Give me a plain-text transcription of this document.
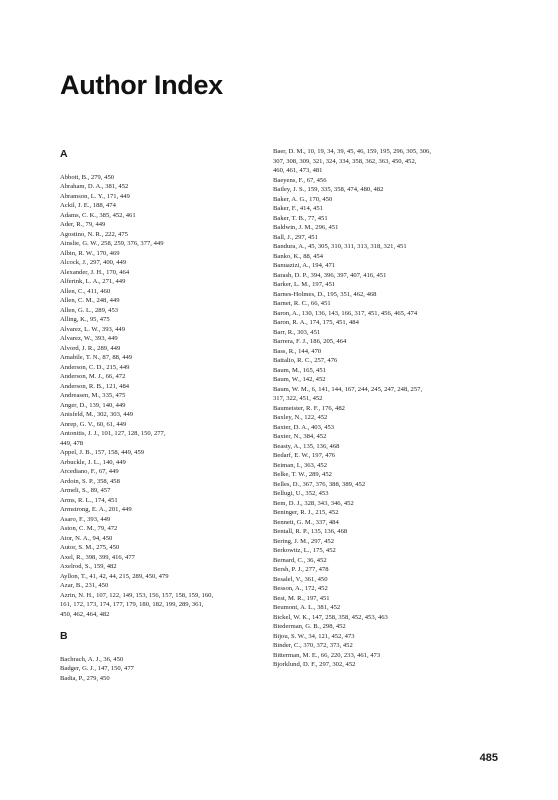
Author Index
A
Abbott, B., 279, 450
Abraham, D. A., 381, 452
Abramson, L. Y., 171, 449
Ackil, J. E., 188, 474
Adams, C. K., 385, 452, 461
Ader, R., 79, 449
Agostino, N. R., 222, 475
Ainslie, G. W., 258, 259, 376, 377, 449
Albin, R. W., 170, 469
Alcock, J., 297, 400, 449
Alexander, J. H., 170, 464
Alferink, L. A., 271, 449
Allen, C., 411, 460
Allen, C. M., 248, 449
Allen, G. L., 289, 453
Alling, K., 95, 475
Alvarez, L. W., 393, 449
Alvarez, W., 393, 449
Alvord, J. R., 289, 449
Amabile, T. N., 87, 88, 449
Anderson, C. D., 215, 449
Anderson, M. J., 66, 472
Anderson, R. B., 121, 484
Andreasen, M., 335, 475
Anger, D., 139, 140, 449
Anisfeld, M., 302, 303, 449
Anrep, G. V., 60, 61, 449
Antonitis, J. J., 101, 127, 128, 150, 277,
449, 478
Appel, J. B., 157, 158, 449, 459
Arbuckle, J. L., 140, 449
Arcediano, F., 67, 449
Ardoin, S. P., 358, 458
Armeli, S., 89, 457
Arms, R. L., 174, 451
Armstrong, E. A., 201, 449
Asaro, F., 393, 449
Aston, C. M., 79, 472
Ator, N. A., 94, 450
Autor, S. M., 275, 450
Axel, R., 398, 399, 416, 477
Axelrod, S., 159, 482
Ayllon, T., 41, 42, 44, 215, 289, 450, 479
Azar, B., 231, 450
Azrin, N. H., 107, 122, 149, 153, 156, 157, 158, 159, 160,
161, 172, 173, 174, 177, 179, 180, 182, 199, 289, 361,
450, 462, 464, 482
B
Bachrach, A. J., 36, 450
Badger, G. J., 147, 150, 477
Badia, P., 279, 450
Baer, D. M., 10, 19, 34, 39, 45, 46, 159, 195, 296, 305, 306,
307, 308, 309, 321, 324, 334, 358, 362, 363, 450, 452,
460, 461, 473, 481
Baeyens, F., 67, 456
Bailey, J. S., 159, 335, 358, 474, 480, 482
Baker, A. G., 170, 450
Baker, F., 414, 451
Baker, T. B., 77, 451
Baldwin, J. M., 296, 451
Ball, J., 297, 451
Bandura, A., 45, 305, 310, 311, 313, 318, 321, 451
Banko, K., 88, 454
Banuazizi, A., 194, 471
Barash, D. P., 394, 396, 397, 407, 416, 451
Barker, L. M., 197, 451
Barnes-Holmes, D., 195, 351, 462, 468
Barnet, R. C., 66, 451
Baron, A., 130, 136, 143, 166, 317, 451, 456, 465, 474
Baron, R. A., 174, 175, 451, 484
Barr, R., 303, 451
Barrera, F. J., 186, 205, 464
Bass, R., 144, 470
Battalio, R. C., 257, 476
Baum, M., 165, 451
Baum, W., 142, 452
Baum, W. M., 6, 141, 144, 167, 244, 245, 247, 248, 257,
317, 322, 451, 452
Baumeister, R. F., 176, 482
Baxley, N., 122, 452
Baxter, D. A., 403, 453
Baxter, N., 384, 452
Beasty, A., 135, 136, 468
Bedarf, E. W., 197, 476
Beiman, I., 363, 452
Belke, T. W., 289, 452
Belles, D., 367, 376, 388, 389, 452
Bellugi, U., 352, 453
Bem, D. J., 328, 343, 346, 452
Beninger, R. J., 215, 452
Bennett, G. M., 337, 484
Bentall, R. P., 135, 136, 468
Bering, J. M., 297, 452
Berkowitz, L., 175, 452
Bernard, C., 36, 452
Bersh, P. J., 277, 478
Besalel, V., 361, 450
Besson, A., 172, 452
Best, M. R., 197, 451
Beumont, A. L., 381, 452
Bickel, W. K., 147, 258, 358, 452, 453, 463
Biederman, G. B., 298, 452
Bijou, S. W., 34, 121, 452, 473
Binder, C., 370, 372, 373, 452
Bitterman, M. E., 66, 220, 233, 461, 473
Bjorklund, D. F., 297, 302, 452
485
